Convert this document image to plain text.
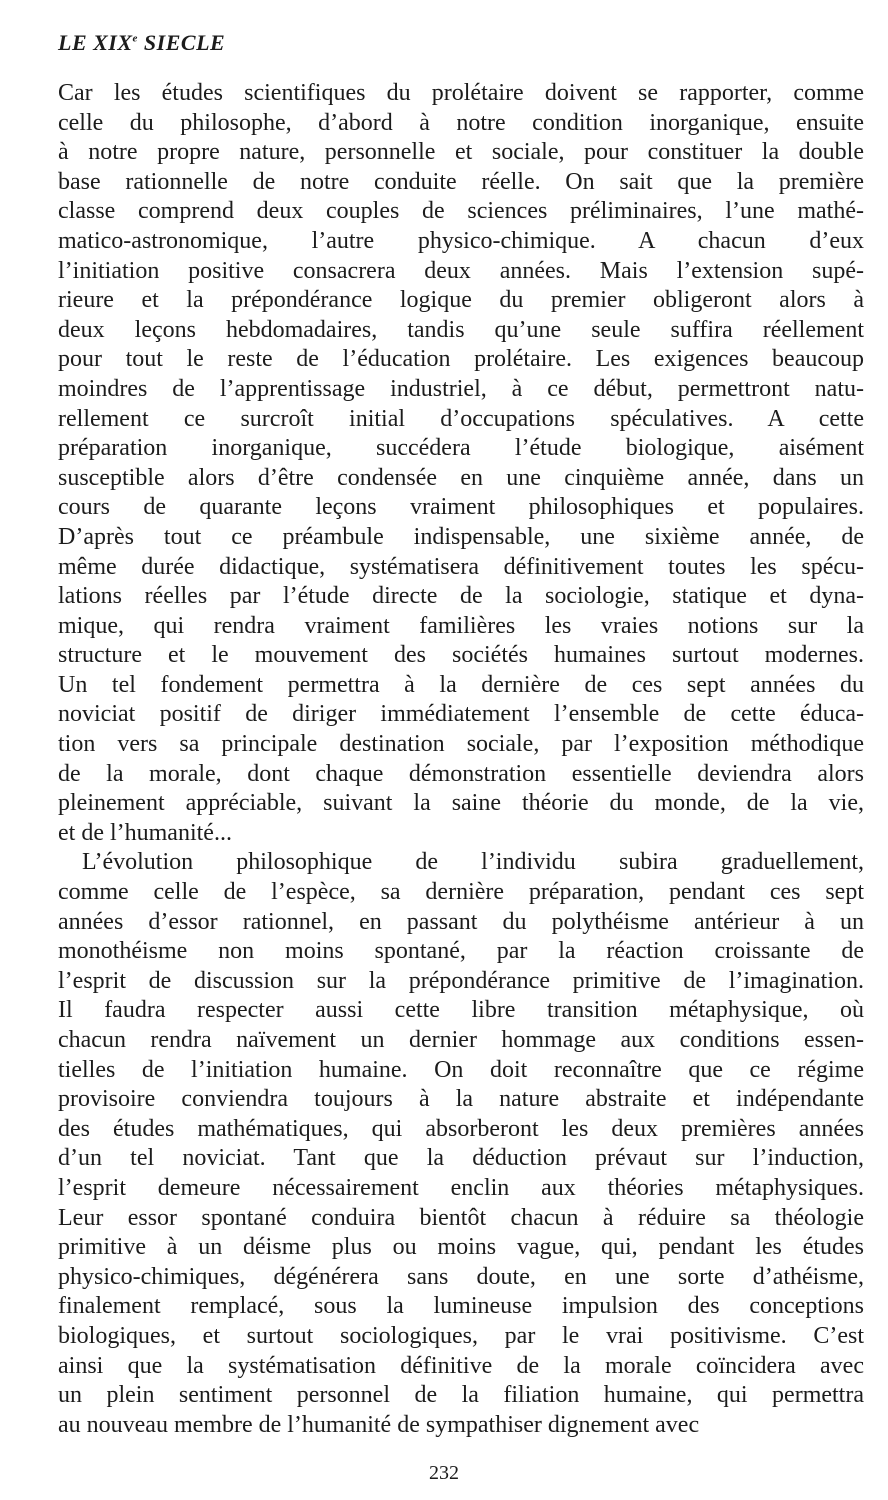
LE XIXe SIECLE
Car les études scientifiques du prolétaire doivent se rapporter, comme
celle du philosophe, d’abord à notre condition inorganique, ensuite
à notre propre nature, personnelle et sociale, pour constituer la double
base rationnelle de notre conduite réelle. On sait que la première
classe comprend deux couples de sciences préliminaires, l’une mathé-
matico-astronomique, l’autre physico-chimique. A chacun d’eux
l’initiation positive consacrera deux années. Mais l’extension supé-
rieure et la prépondérance logique du premier obligeront alors à
deux leçons hebdomadaires, tandis qu’une seule suffira réellement
pour tout le reste de l’éducation prolétaire. Les exigences beaucoup
moindres de l’apprentissage industriel, à ce début, permettront natu-
rellement ce surcroît initial d’occupations spéculatives. A cette
préparation inorganique, succédera l’étude biologique, aisément
susceptible alors d’être condensée en une cinquième année, dans un
cours de quarante leçons vraiment philosophiques et populaires.
D’après tout ce préambule indispensable, une sixième année, de
même durée didactique, systématisera définitivement toutes les spécu-
lations réelles par l’étude directe de la sociologie, statique et dyna-
mique, qui rendra vraiment familières les vraies notions sur la
structure et le mouvement des sociétés humaines surtout modernes.
Un tel fondement permettra à la dernière de ces sept années du
noviciat positif de diriger immédiatement l’ensemble de cette éduca-
tion vers sa principale destination sociale, par l’exposition méthodique
de la morale, dont chaque démonstration essentielle deviendra alors
pleinement appréciable, suivant la saine théorie du monde, de la vie,
et de l’humanité...
L’évolution philosophique de l’individu subira graduellement,
comme celle de l’espèce, sa dernière préparation, pendant ces sept
années d’essor rationnel, en passant du polythéisme antérieur à un
monothéisme non moins spontané, par la réaction croissante de
l’esprit de discussion sur la prépondérance primitive de l’imagination.
Il faudra respecter aussi cette libre transition métaphysique, où
chacun rendra naïvement un dernier hommage aux conditions essen-
tielles de l’initiation humaine. On doit reconnaître que ce régime
provisoire conviendra toujours à la nature abstraite et indépendante
des études mathématiques, qui absorberont les deux premières années
d’un tel noviciat. Tant que la déduction prévaut sur l’induction,
l’esprit demeure nécessairement enclin aux théories métaphysiques.
Leur essor spontané conduira bientôt chacun à réduire sa théologie
primitive à un déisme plus ou moins vague, qui, pendant les études
physico-chimiques, dégénérera sans doute, en une sorte d’athéisme,
finalement remplacé, sous la lumineuse impulsion des conceptions
biologiques, et surtout sociologiques, par le vrai positivisme. C’est
ainsi que la systématisation définitive de la morale coïncidera avec
un plein sentiment personnel de la filiation humaine, qui permettra
au nouveau membre de l’humanité de sympathiser dignement avec
232
